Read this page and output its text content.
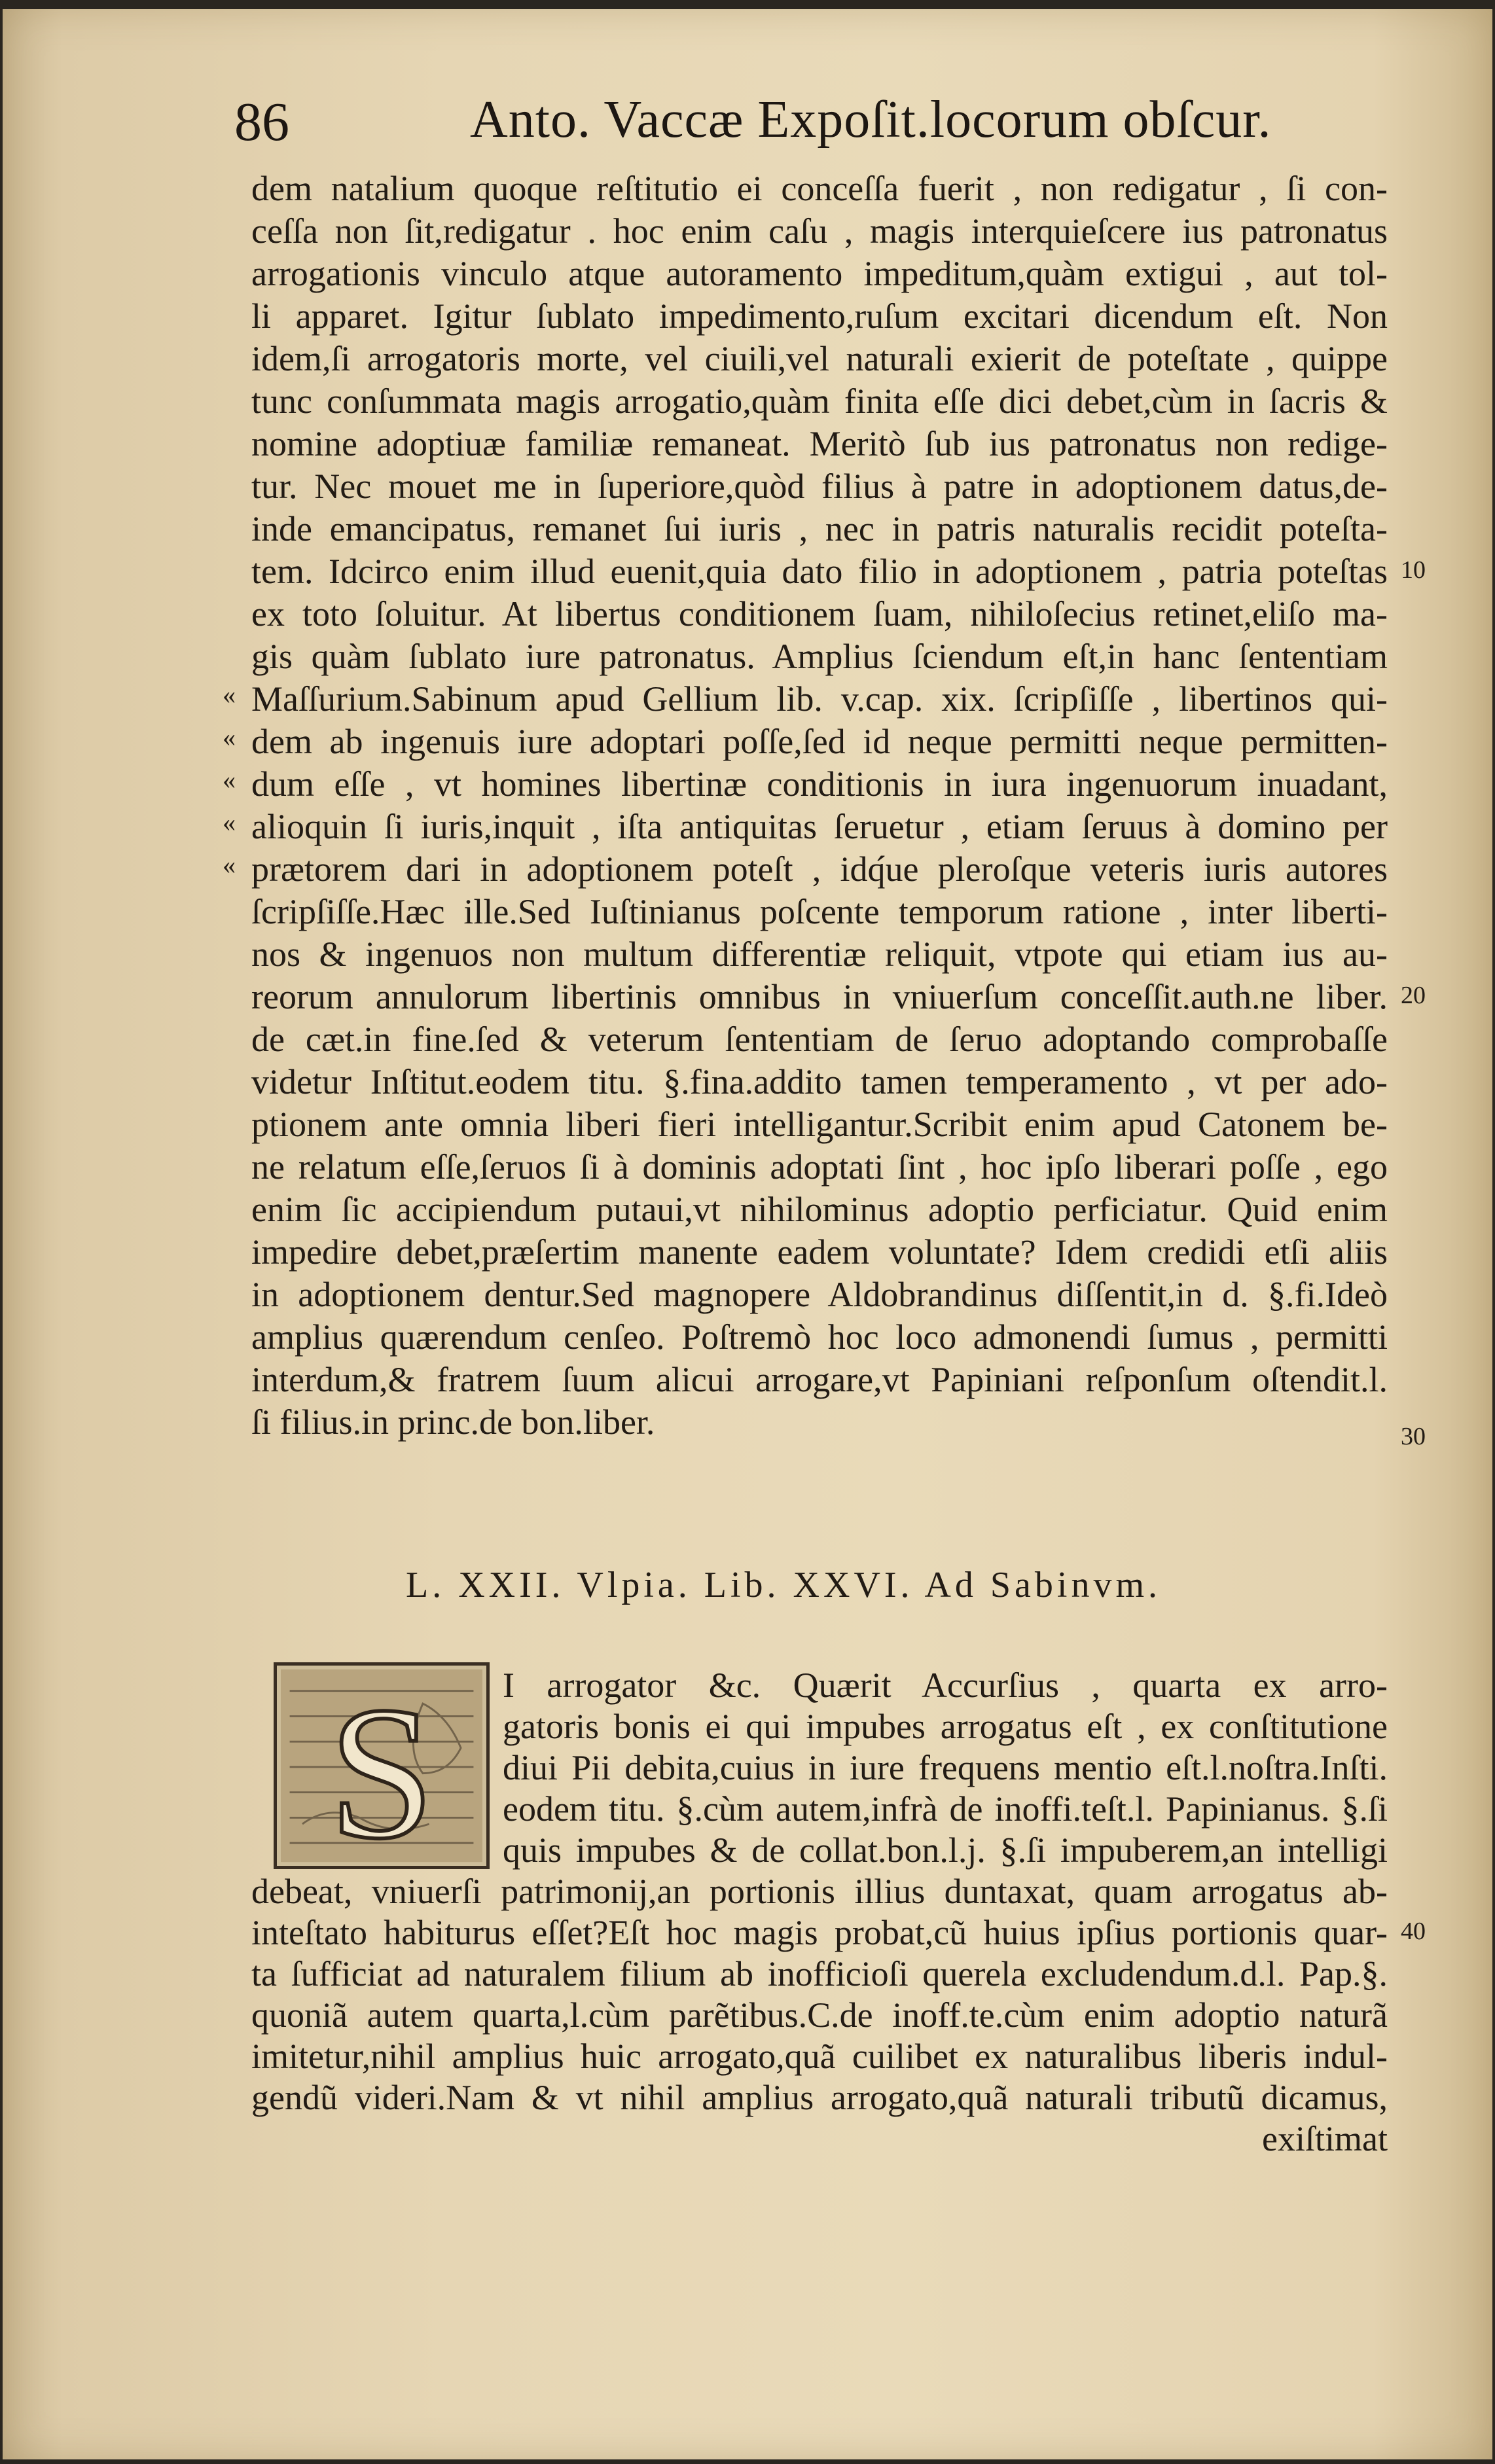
86	Anto. Vaccæ Expoſit.locorum obſcur.
dem natalium quoque reſtitutio ei conceſſa fuerit , non redigatur , ſi con-
ceſſa non ſit,redigatur . hoc enim caſu , magis interquieſcere ius patronatus
arrogationis vinculo atque autoramento impeditum,quàm extigui , aut tol-
li apparet. Igitur ſublato impedimento,ruſum excitari dicendum eſt. Non
idem,ſi arrogatoris morte, vel ciuili,vel naturali exierit de poteſtate , quippe
tunc conſummata magis arrogatio,quàm finita eſſe dici debet,cùm in ſacris &
nomine adoptiuæ familiæ remaneat. Meritò ſub ius patronatus non redige-
tur. Nec mouet me in ſuperiore,quòd filius à patre in adoptionem datus,de-
inde emancipatus, remanet ſui iuris , nec in patris naturalis recidit poteſta-
tem. Idcirco enim illud euenit,quia dato filio in adoptionem , patria poteſtas 10
ex toto ſoluitur. At libertus conditionem ſuam, nihiloſecius retinet,eliſo ma-
gis quàm ſublato iure patronatus. Amplius ſciendum eſt,in hanc ſententiam
« Maſſurium.Sabinum apud Gellium lib. v.cap. xix. ſcripſiſſe , libertinos qui-
« dem ab ingenuis iure adoptari poſſe,ſed id neque permitti neque permitten-
« dum eſſe , vt homines libertinæ conditionis in iura ingenuorum inuadant,
« alioquin ſi iuris,inquit , iſta antiquitas ſeruetur , etiam ſeruus à domino per
« prætorem dari in adoptionem poteſt , idq́ue pleroſque veteris iuris autores
ſcripſiſſe.Hæc ille.Sed Iuſtinianus poſcente temporum ratione , inter liberti-
nos & ingenuos non multum differentiæ reliquit, vtpote qui etiam ius au-
reorum annulorum libertinis omnibus in vniuerſum conceſſit.auth.ne liber. 20
de cæt.in fine.ſed & veterum ſententiam de ſeruo adoptando comprobaſſe
videtur Inſtitut.eodem titu. §.fina.addito tamen temperamento , vt per ado-
ptionem ante omnia liberi fieri intelligantur.Scribit enim apud Catonem be-
ne relatum eſſe,ſeruos ſi à dominis adoptati ſint , hoc ipſo liberari poſſe , ego
enim ſic accipiendum putaui,vt nihilominus adoptio perficiatur. Quid enim
impedire debet,præſertim manente eadem voluntate? Idem credidi etſi aliis
in adoptionem dentur.Sed magnopere Aldobrandinus diſſentit,in d. §.fi.Ideò
amplius quærendum cenſeo. Poſtremò hoc loco admonendi ſumus , permitti
interdum,& fratrem ſuum alicui arrogare,vt Papiniani reſponſum oſtendit.l.
ſi filius.in princ.de bon.liber.	30
L. XXII. Vlpia. Lib. XXVI. Ad Sabinvm.
S I arrogator &c. Quærit Accurſius , quarta ex arro-
gatoris bonis ei qui impubes arrogatus eſt , ex conſtitutione
diui Pii debita,cuius in iure frequens mentio eſt.l.noſtra.Inſti.
eodem titu. §.cùm autem,infrà de inoffi.teſt.l. Papinianus. §.ſi
quis impubes & de collat.bon.l.j. §.ſi impuberem,an intelligi
debeat, vniuerſi patrimonij,an portionis illius duntaxat, quam arrogatus ab-
inteſtato habiturus eſſet?Eſt hoc magis probat,cũ huius ipſius portionis quar- 40
ta ſufficiat ad naturalem filium ab inofficioſi querela excludendum.d.l. Pap.§.
quoniã autem quarta,l.cùm parẽtibus.C.de inoff.te.cùm enim adoptio naturã
imitetur,nihil amplius huic arrogato,quã cuilibet ex naturalibus liberis indul-
gendũ videri.Nam & vt nihil amplius arrogato,quã naturali tributũ dicamus,
exiſtimat
